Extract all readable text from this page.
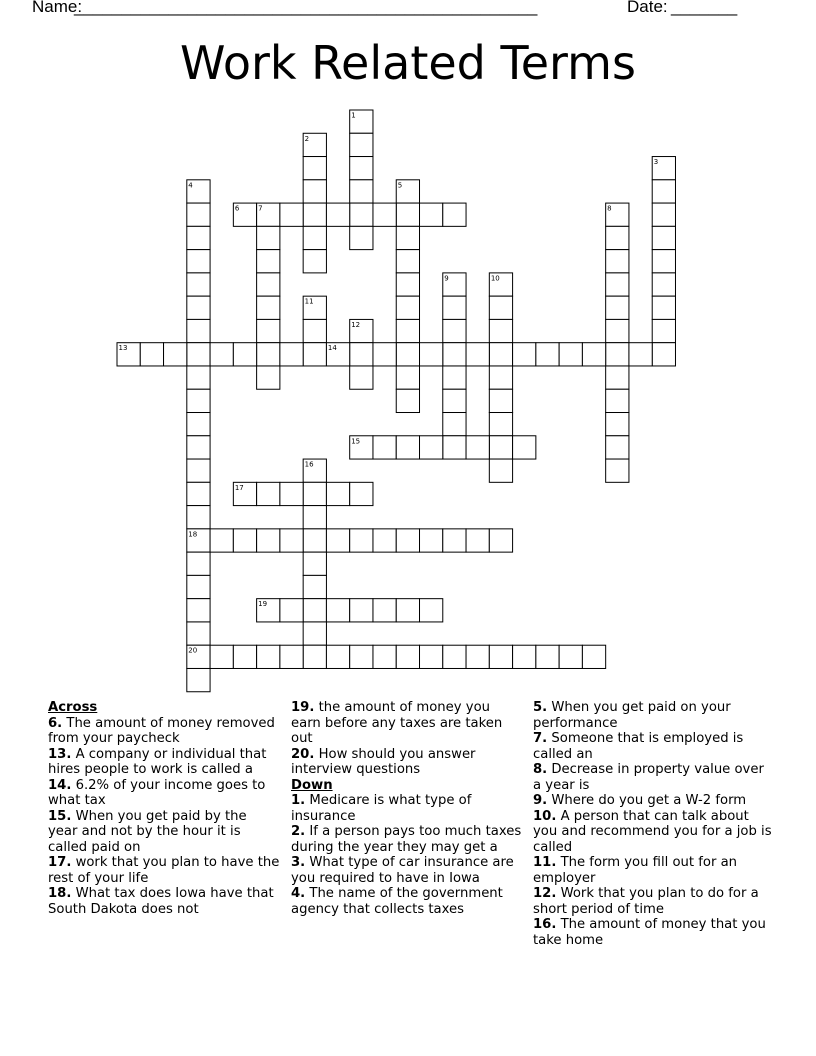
Name:
_________________________________________________	Date: _______
Work Related Terms
1
2
3
4	5
6	7	8
9	10
11
12
13	14
15
16
17
18
19
20
Across

6. The amount of money removed from your paycheck

13. A company or individual that hires people to work is called a

14. 6.2% of your income goes to what tax

15. When you get paid by the year and not by the hour it is called paid on

17. work that you plan to have the rest of your life

18. What tax does Iowa have that South Dakota does not

19. the amount of money you earn before any taxes are taken out

20. How should you answer interview questions

Down

1. Medicare is what type of insurance

2. If a person pays too much taxes during the year they may get a

3. What type of car insurance are you required to have in Iowa

4. The name of the government agency that collects taxes

5. When you get paid on your performance

7. Someone that is employed is called an

8. Decrease in property value over a year is

9. Where do you get a W-2 form

10. A person that can talk about you and recommend you for a job is called

11. The form you fill out for an employer

12. Work that you plan to do for a short period of time

16. The amount of money that you take home
